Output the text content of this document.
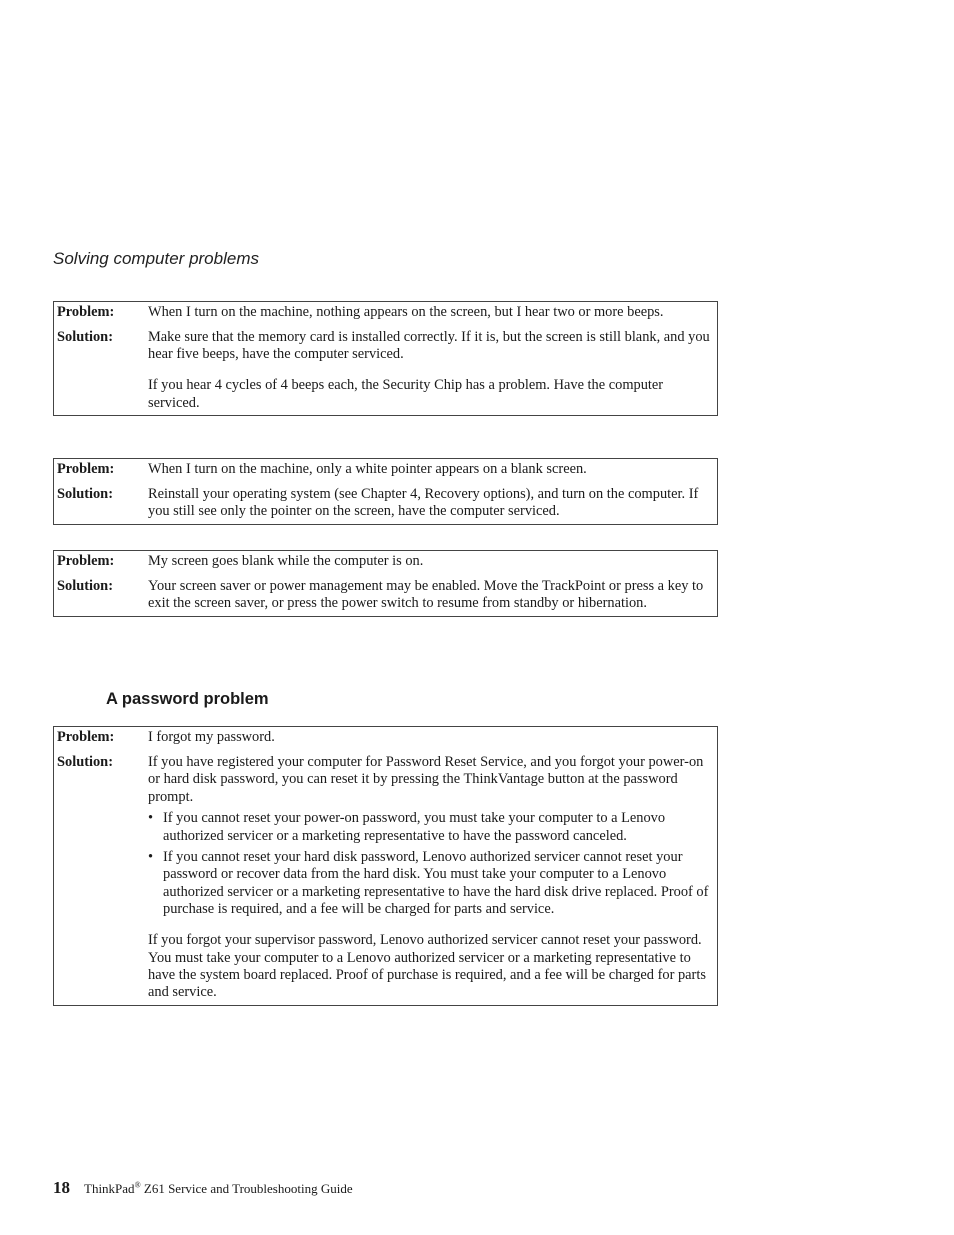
Solving computer problems
Problem:	When I turn on the machine, nothing appears on the screen, but I hear two or more beeps.
Solution:	Make sure that the memory card is installed correctly. If it is, but the screen is still blank, and you hear five beeps, have the computer serviced.

If you hear 4 cycles of 4 beeps each, the Security Chip has a problem. Have the computer serviced.

Problem:	When I turn on the machine, only a white pointer appears on a blank screen.
Solution:	Reinstall your operating system (see Chapter 4, Recovery options), and turn on the computer. If you still see only the pointer on the screen, have the computer serviced.

Problem:	My screen goes blank while the computer is on.
Solution:	Your screen saver or power management may be enabled. Move the TrackPoint or press a key to exit the screen saver, or press the power switch to resume from standby or hibernation.

A password problem
Problem:	I forgot my password.
Solution:	If you have registered your computer for Password Reset Service, and you forgot your power-on or hard disk password, you can reset it by pressing the ThinkVantage button at the password prompt.

• If you cannot reset your power-on password, you must take your computer to a Lenovo authorized servicer or a marketing representative to have the password canceled.
• If you cannot reset your hard disk password, Lenovo authorized servicer cannot reset your password or recover data from the hard disk. You must take your computer to a Lenovo authorized servicer or a marketing representative to have the hard disk drive replaced. Proof of purchase is required, and a fee will be charged for parts and service.

If you forgot your supervisor password, Lenovo authorized servicer cannot reset your password. You must take your computer to a Lenovo authorized servicer or a marketing representative to have the system board replaced. Proof of purchase is required, and a fee will be charged for parts and service.

18 ThinkPad® Z61 Service and Troubleshooting Guide
